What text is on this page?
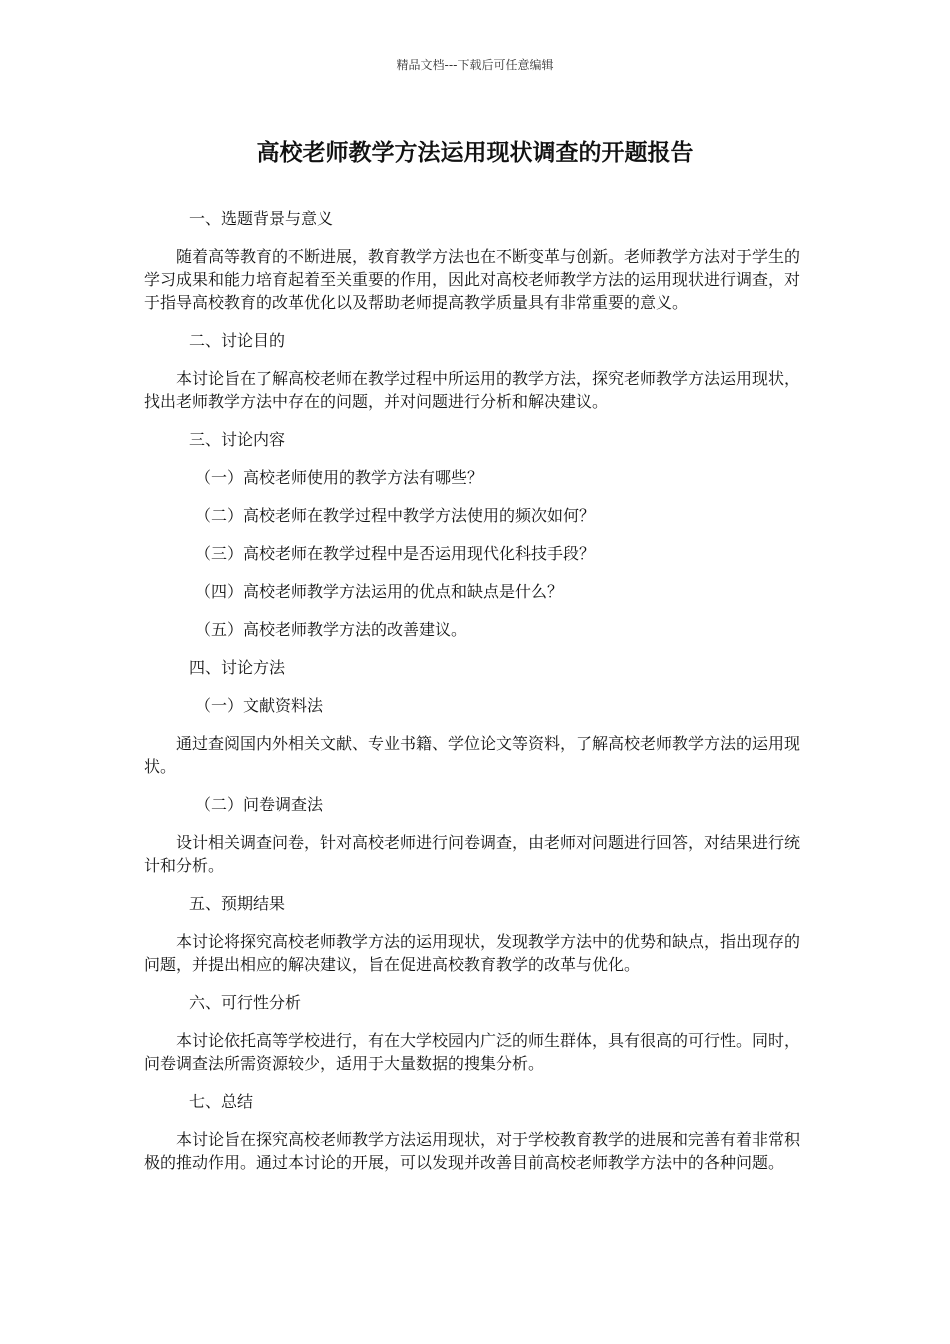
精品文档---下载后可任意编辑
高校老师教学方法运用现状调查的开题报告

一、选题背景与意义

随着高等教育的不断进展，教育教学方法也在不断变革与创新。老师教学方法对于学生的学习成果和能力培育起着至关重要的作用，因此对高校老师教学方法的运用现状进行调查，对于指导高校教育的改革优化以及帮助老师提高教学质量具有非常重要的意义。

二、讨论目的

本讨论旨在了解高校老师在教学过程中所运用的教学方法，探究老师教学方法运用现状，找出老师教学方法中存在的问题，并对问题进行分析和解决建议。

三、讨论内容

（一）高校老师使用的教学方法有哪些？

（二）高校老师在教学过程中教学方法使用的频次如何？

（三）高校老师在教学过程中是否运用现代化科技手段？

（四）高校老师教学方法运用的优点和缺点是什么？

（五）高校老师教学方法的改善建议。

四、讨论方法

（一）文献资料法

通过查阅国内外相关文献、专业书籍、学位论文等资料，了解高校老师教学方法的运用现状。

（二）问卷调查法

设计相关调查问卷，针对高校老师进行问卷调查，由老师对问题进行回答，对结果进行统计和分析。

五、预期结果

本讨论将探究高校老师教学方法的运用现状，发现教学方法中的优势和缺点，指出现存的问题，并提出相应的解决建议，旨在促进高校教育教学的改革与优化。

六、可行性分析

本讨论依托高等学校进行，有在大学校园内广泛的师生群体，具有很高的可行性。同时，问卷调查法所需资源较少，适用于大量数据的搜集分析。

七、总结

本讨论旨在探究高校老师教学方法运用现状，对于学校教育教学的进展和完善有着非常积极的推动作用。通过本讨论的开展，可以发现并改善目前高校老师教学方法中的各种问题。
